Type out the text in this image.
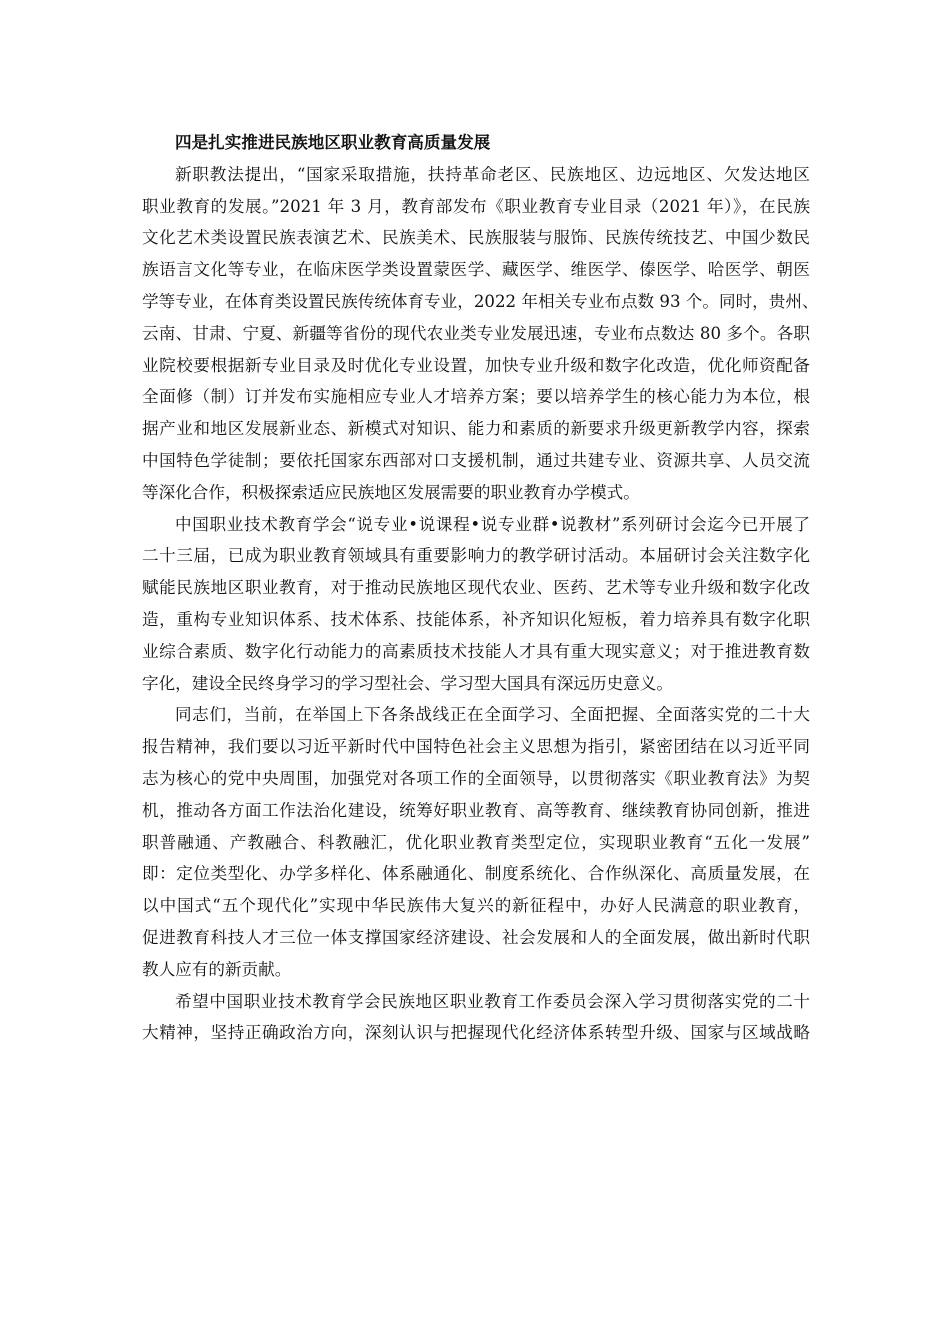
四是扎实推进民族地区职业教育高质量发展

新职教法提出，“国家采取措施，扶持革命老区、民族地区、边远地区、欠发达地区
职业教育的发展。”2021 年 3 月，教育部发布《职业教育专业目录（2021 年）》，在民族
文化艺术类设置民族表演艺术、民族美术、民族服装与服饰、民族传统技艺、中国少数民
族语言文化等专业，在临床医学类设置蒙医学、藏医学、维医学、傣医学、哈医学、朝医
学等专业，在体育类设置民族传统体育专业，2022 年相关专业布点数 93 个。同时，贵州、
云南、甘肃、宁夏、新疆等省份的现代农业类专业发展迅速，专业布点数达 80 多个。各职
业院校要根据新专业目录及时优化专业设置，加快专业升级和数字化改造，优化师资配备
全面修（制）订并发布实施相应专业人才培养方案；要以培养学生的核心能力为本位，根
据产业和地区发展新业态、新模式对知识、能力和素质的新要求升级更新教学内容，探索
中国特色学徒制；要依托国家东西部对口支援机制，通过共建专业、资源共享、人员交流
等深化合作，积极探索适应民族地区发展需要的职业教育办学模式。
中国职业技术教育学会“说专业•说课程•说专业群•说教材”系列研讨会迄今已开展了
二十三届，已成为职业教育领域具有重要影响力的教学研讨活动。本届研讨会关注数字化
赋能民族地区职业教育，对于推动民族地区现代农业、医药、艺术等专业升级和数字化改
造，重构专业知识体系、技术体系、技能体系，补齐知识化短板，着力培养具有数字化职
业综合素质、数字化行动能力的高素质技术技能人才具有重大现实意义；对于推进教育数
字化，建设全民终身学习的学习型社会、学习型大国具有深远历史意义。
同志们，当前，在举国上下各条战线正在全面学习、全面把握、全面落实党的二十大
报告精神，我们要以习近平新时代中国特色社会主义思想为指引，紧密团结在以习近平同
志为核心的党中央周围，加强党对各项工作的全面领导，以贯彻落实《职业教育法》为契
机，推动各方面工作法治化建设，统筹好职业教育、高等教育、继续教育协同创新，推进
职普融通、产教融合、科教融汇，优化职业教育类型定位，实现职业教育“五化一发展”
即：定位类型化、办学多样化、体系融通化、制度系统化、合作纵深化、高质量发展，在
以中国式“五个现代化”实现中华民族伟大复兴的新征程中，办好人民满意的职业教育，
促进教育科技人才三位一体支撑国家经济建设、社会发展和人的全面发展，做出新时代职
教人应有的新贡献。
希望中国职业技术教育学会民族地区职业教育工作委员会深入学习贯彻落实党的二十
大精神，坚持正确政治方向，深刻认识与把握现代化经济体系转型升级、国家与区域战略
